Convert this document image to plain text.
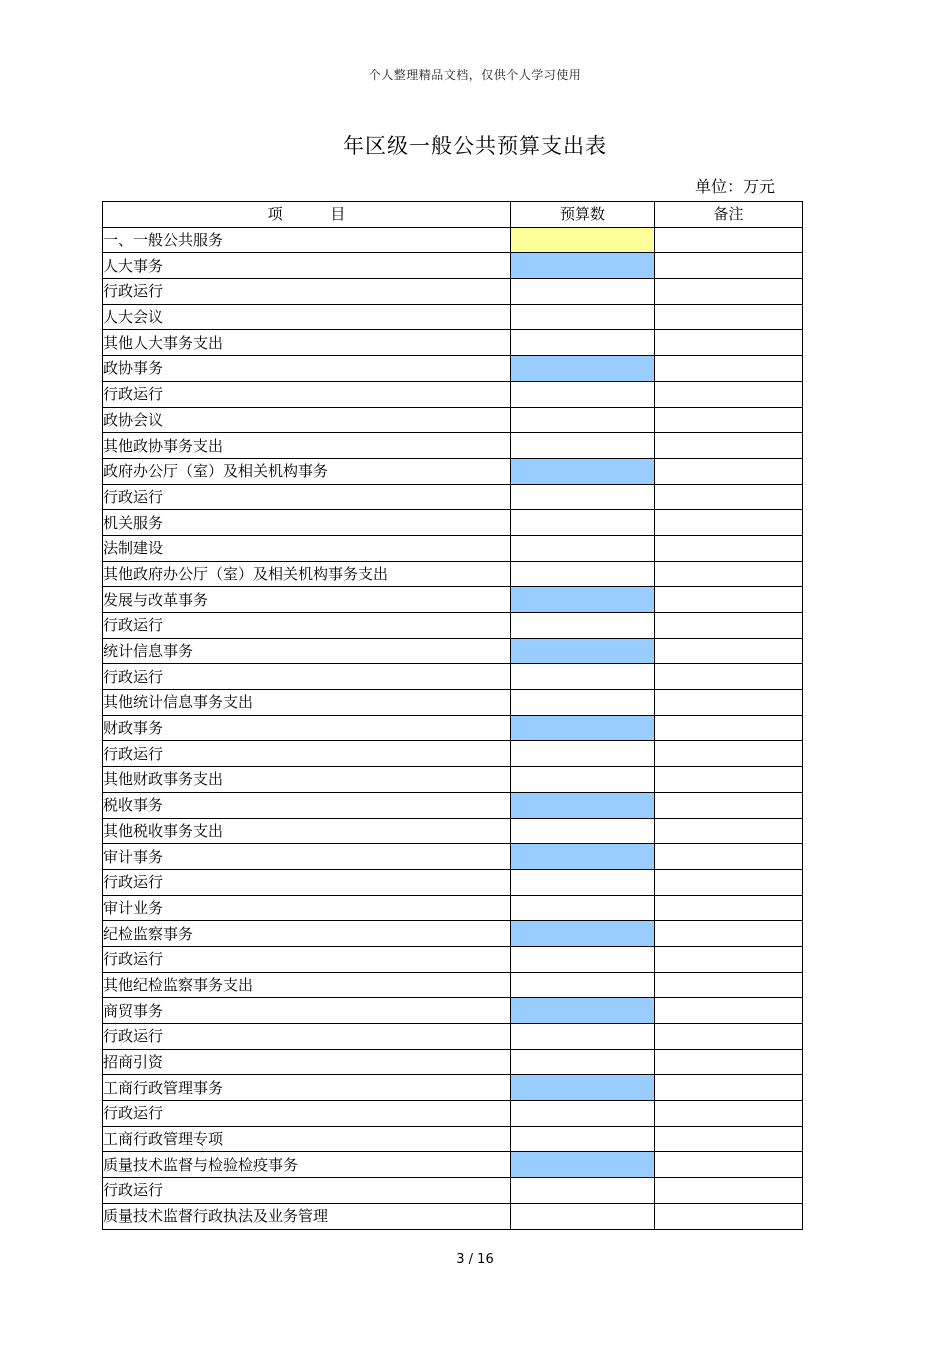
个人整理精品文档，仅供个人学习使用
年区级一般公共预算支出表
单位：万元
项          目	预算数	备注
一、一般公共服务		
人大事务		
行政运行		
人大会议		
其他人大事务支出		
政协事务		
行政运行		
政协会议		
其他政协事务支出		
政府办公厅（室）及相关机构事务		
行政运行		
机关服务		
法制建设		
其他政府办公厅（室）及相关机构事务支出		
发展与改革事务		
行政运行		
统计信息事务		
行政运行		
其他统计信息事务支出		
财政事务		
行政运行		
其他财政事务支出		
税收事务		
其他税收事务支出		
审计事务		
行政运行		
审计业务		
纪检监察事务		
行政运行		
其他纪检监察事务支出		
商贸事务		
行政运行		
招商引资		
工商行政管理事务		
行政运行		
工商行政管理专项		
质量技术监督与检验检疫事务		
行政运行		
质量技术监督行政执法及业务管理		
3 / 16
